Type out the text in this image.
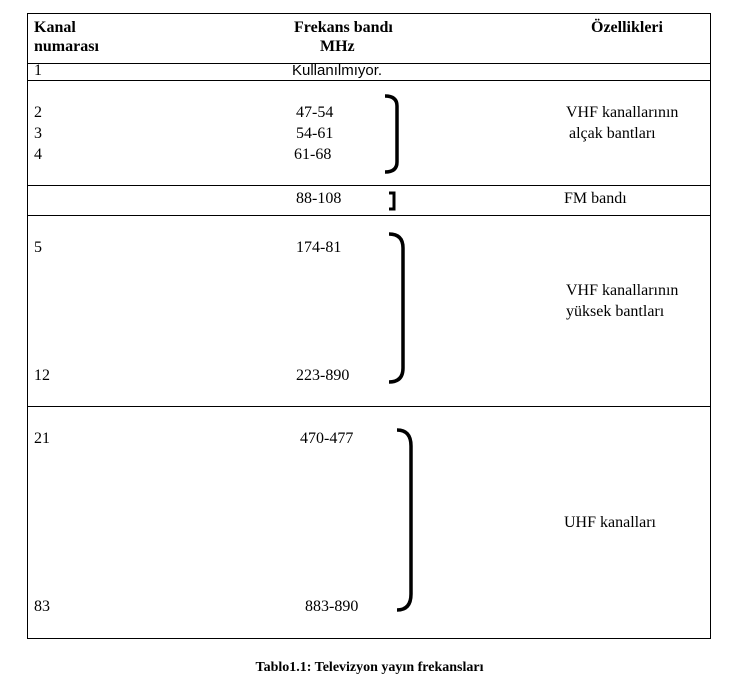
Kanal
numarası
Frekans bandı
MHz
Özellikleri
1	Kullanılmıyor.
2
3
4
47-54
54-61
61-68
VHF kanallarının
alçak bantları
88-108	FM bandı
5
12
174-81
223-890
VHF kanallarının
yüksek bantları
21
83
470-477
883-890
UHF kanalları
Tablo1.1: Televizyon yayın frekansları
